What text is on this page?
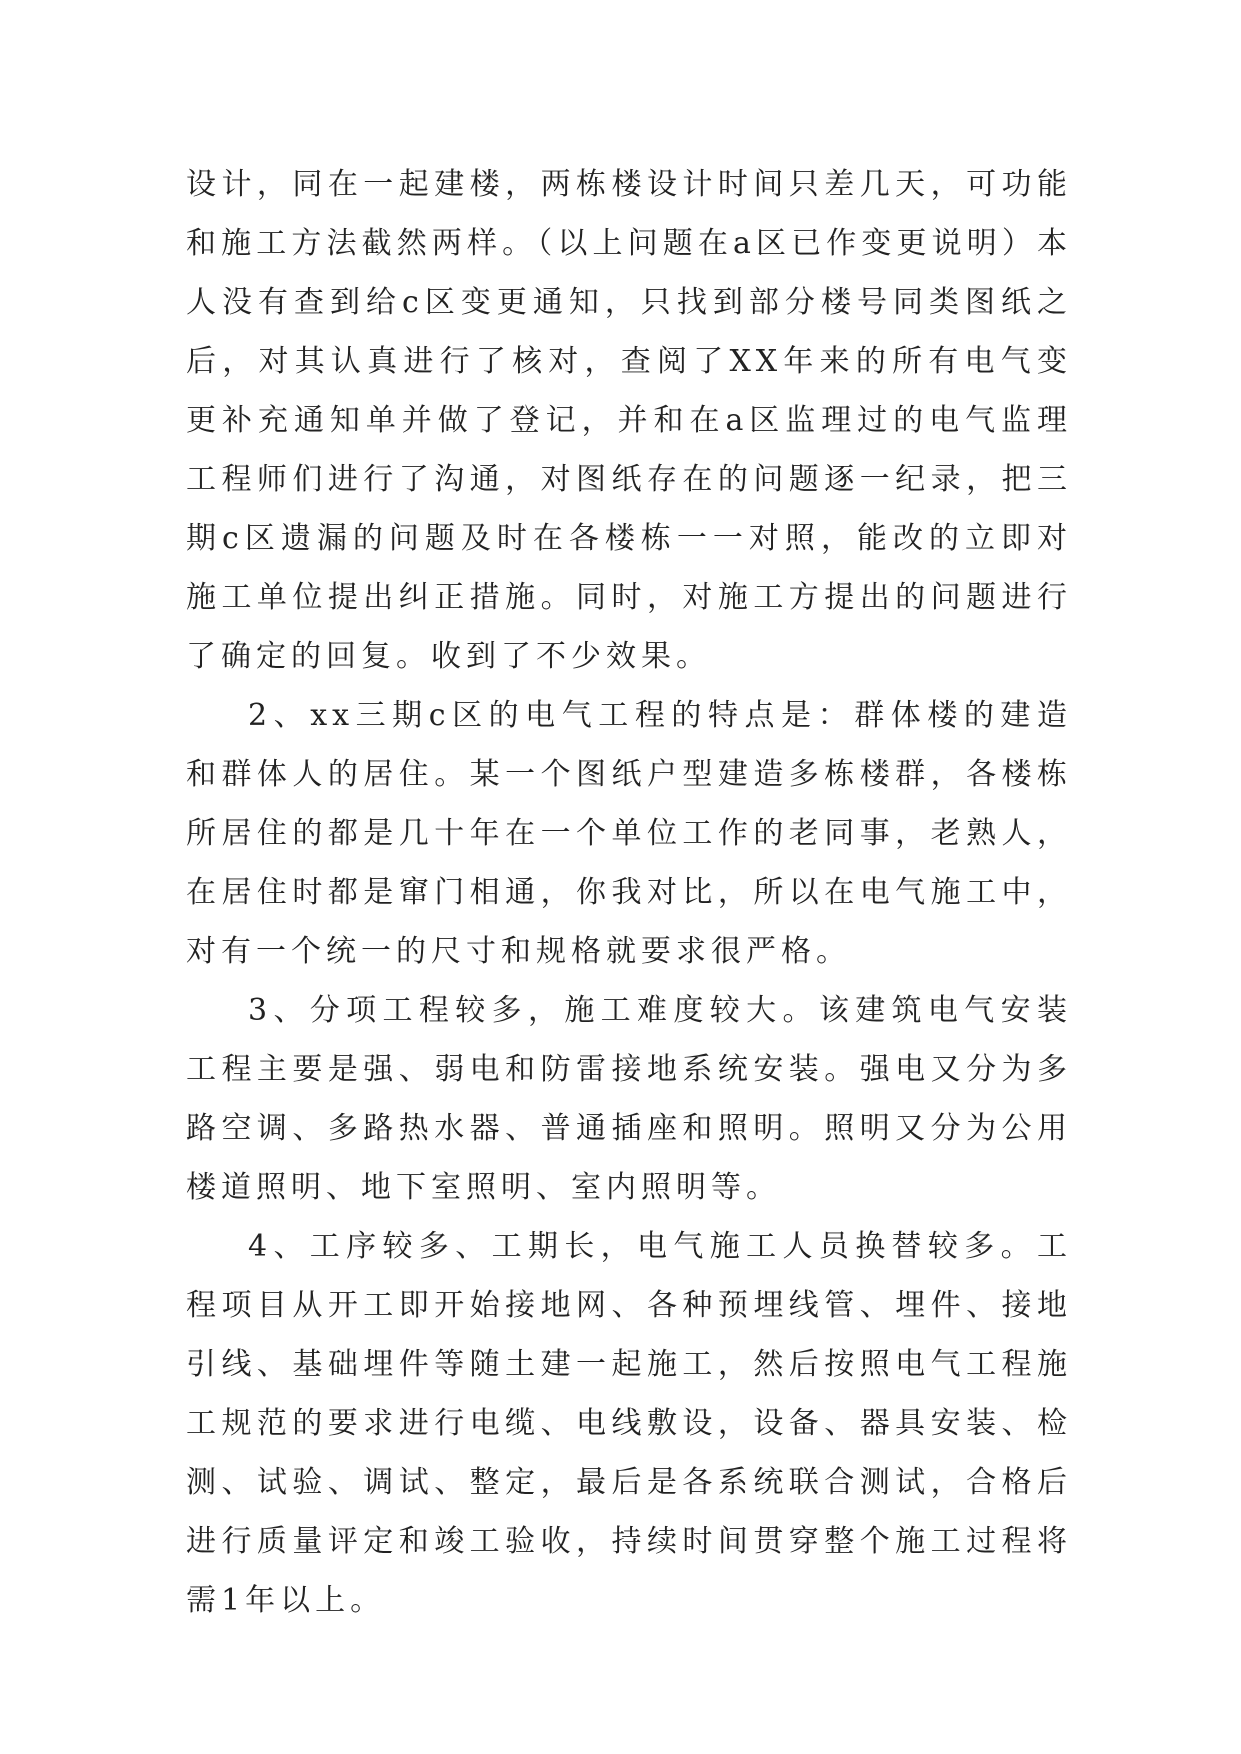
设计，同在一起建楼，两栋楼设计时间只差几天，可功能和施工方法截然两样。（以上问题在a区已作变更说明）本人没有查到给c区变更通知，只找到部分楼号同类图纸之后，对其认真进行了核对，查阅了XX年来的所有电气变更补充通知单并做了登记，并和在a区监理过的电气监理工程师们进行了沟通，对图纸存在的问题逐一纪录，把三期c区遗漏的问题及时在各楼栋一一对照，能改的立即对施工单位提出纠正措施。同时，对施工方提出的问题进行了确定的回复。收到了不少效果。

2、xx三期c区的电气工程的特点是：群体楼的建造和群体人的居住。某一个图纸户型建造多栋楼群，各楼栋所居住的都是几十年在一个单位工作的老同事，老熟人，在居住时都是窜门相通，你我对比，所以在电气施工中，对有一个统一的尺寸和规格就要求很严格。

3、分项工程较多，施工难度较大。该建筑电气安装工程主要是强、弱电和防雷接地系统安装。强电又分为多路空调、多路热水器、普通插座和照明。照明又分为公用楼道照明、地下室照明、室内照明等。

4、工序较多、工期长，电气施工人员换替较多。工程项目从开工即开始接地网、各种预埋线管、埋件、接地引线、基础埋件等随土建一起施工，然后按照电气工程施工规范的要求进行电缆、电线敷设，设备、器具安装、检测、试验、调试、整定，最后是各系统联合测试，合格后进行质量评定和竣工验收，持续时间贯穿整个施工过程将需1年以上。
